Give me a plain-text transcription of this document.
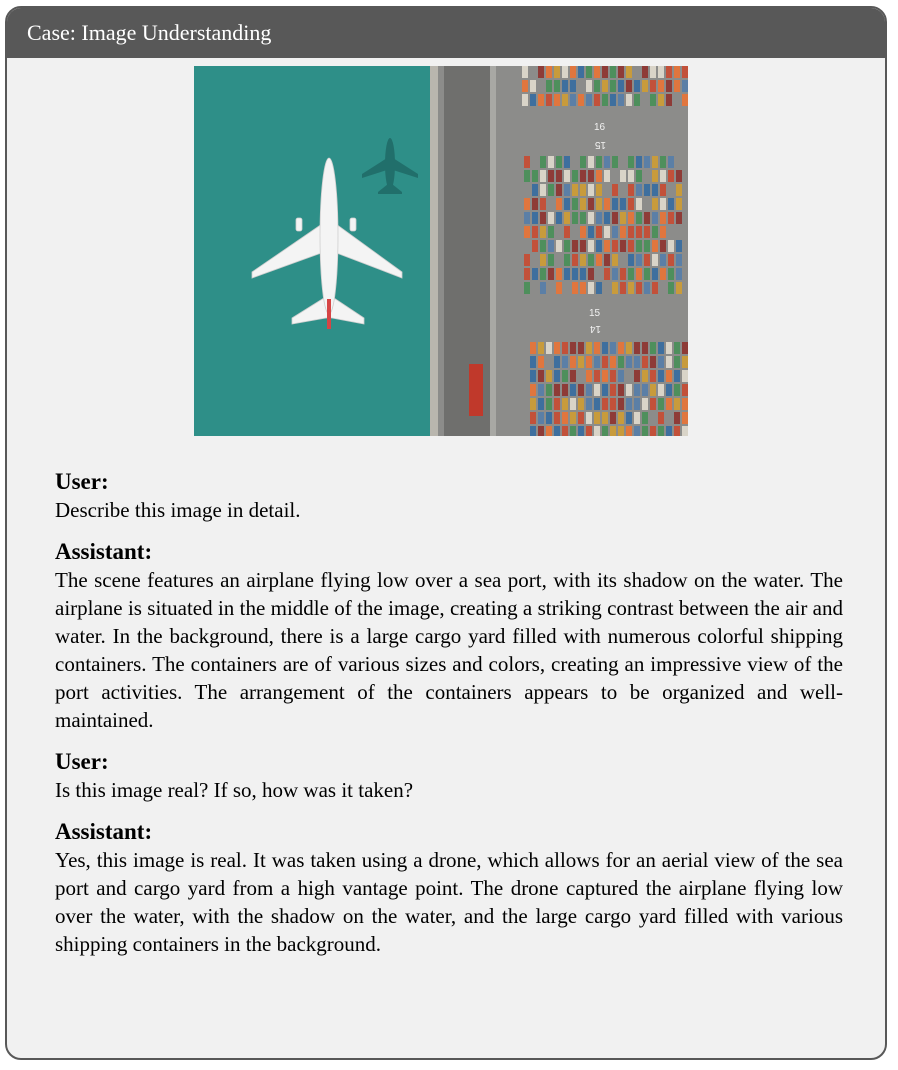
Case: Image Understanding
16
15
15
14

User:

Describe this image in detail.

Assistant:

The scene features an airplane flying low over a sea port, with its shadow on the water. The airplane is situated in the middle of the image, creating a striking contrast between the air and water. In the background, there is a large cargo yard filled with numerous colorful shipping containers. The containers are of various sizes and colors, creating an impressive view of the port activities. The arrangement of the containers appears to be organized and well-maintained.

User:

Is this image real? If so, how was it taken?

Assistant:

Yes, this image is real. It was taken using a drone, which allows for an aerial view of the sea port and cargo yard from a high vantage point. The drone captured the airplane flying low over the water, with the shadow on the water, and the large cargo yard filled with various shipping containers in the background.
